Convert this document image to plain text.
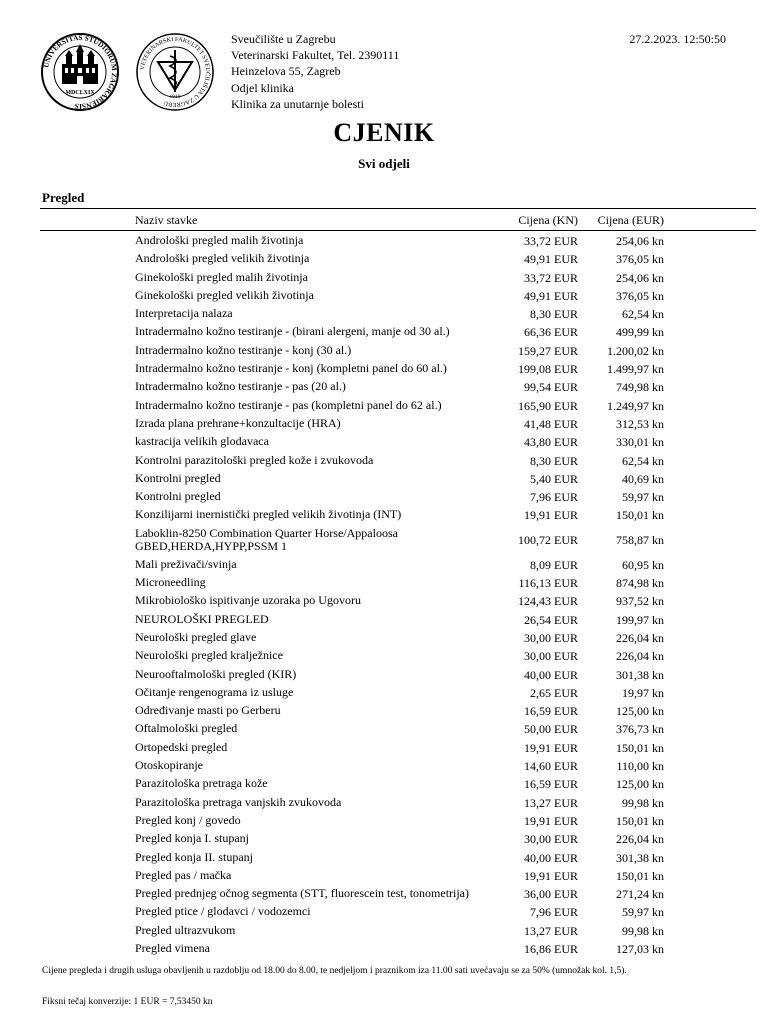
UNIVERSITAS STUDIORUM ZAGRABIENSIS
MDCLXIX
VETERINARSKI FAKULTET SVEUČILIŠTA U ZAGREBU
1919
Sveučilište u Zagrebu
Veterinarski Fakultet, Tel. 2390111
Heinzelova 55, Zagreb
Odjel klinika
Klinika za unutarnje bolesti
27.2.2023. 12:50:50
CJENIK
Svi odjeli
Pregled
Naziv stavke	Cijena (KN) Cijena (EUR)
Androloški pregled malih životinja	33,72 EUR	254,06 kn
Androloški pregled velikih životinja	49,91 EUR	376,05 kn
Ginekološki pregled malih životinja	33,72 EUR	254,06 kn
Ginekološki pregled velikih životinja	49,91 EUR	376,05 kn
Interpretacija nalaza	8,30 EUR	62,54 kn
Intradermalno kožno testiranje - (birani alergeni, manje od 30 al.)	66,36 EUR	499,99 kn
Intradermalno kožno testiranje - konj (30 al.)	159,27 EUR 1.200,02 kn
Intradermalno kožno testiranje - konj (kompletni panel do 60 al.)	199,08 EUR 1.499,97 kn
Intradermalno kožno testiranje - pas (20 al.)	99,54 EUR	749,98 kn
Intradermalno kožno testiranje - pas (kompletni panel do 62 al.)	165,90 EUR 1.249,97 kn
Izrada plana prehrane+konzultacije (HRA)	41,48 EUR	312,53 kn
kastracija velikih glodavaca	43,80 EUR	330,01 kn
Kontrolni parazitološki pregled kože i zvukovoda	8,30 EUR	62,54 kn
Kontrolni pregled	5,40 EUR	40,69 kn
Kontrolni pregled	7,96 EUR	59,97 kn
Konzilijarni inernistički pregled velikih životinja (INT)	19,91 EUR	150,01 kn
Laboklin-8250 Combination Quarter Horse/Appaloosa
GBED,HERDA,HYPP,PSSM 1	100,72 EUR	758,87 kn
Mali preživači/svinja	8,09 EUR	60,95 kn
Microneedling	116,13 EUR	874,98 kn
Mikrobiološko ispitivanje uzoraka po Ugovoru	124,43 EUR	937,52 kn
NEUROLOŠKI PREGLED	26,54 EUR	199,97 kn
Neurološki pregled glave	30,00 EUR	226,04 kn
Neurološki pregled kralježnice	30,00 EUR	226,04 kn
Neurooftalmološki pregled (KIR)	40,00 EUR	301,38 kn
Očitanje rengenograma iz usluge	2,65 EUR	19,97 kn
Određivanje masti po Gerberu	16,59 EUR	125,00 kn
Oftalmološki pregled	50,00 EUR	376,73 kn
Ortopedski pregled	19,91 EUR	150,01 kn
Otoskopiranje	14,60 EUR	110,00 kn
Parazitološka pretraga kože	16,59 EUR	125,00 kn
Parazitološka pretraga vanjskih zvukovoda	13,27 EUR	99,98 kn
Pregled konj / govedo	19,91 EUR	150,01 kn
Pregled konja I. stupanj	30,00 EUR	226,04 kn
Pregled konja II. stupanj	40,00 EUR	301,38 kn
Pregled pas / mačka	19,91 EUR	150,01 kn
Pregled prednjeg očnog segmenta (STT, fluorescein test, tonometrija)	36,00 EUR	271,24 kn
Pregled ptice / glodavci / vodozemci	7,96 EUR	59,97 kn
Pregled ultrazvukom	13,27 EUR	99,98 kn
Pregled vimena	16,86 EUR	127,03 kn
Cijene pregleda i drugih usluga obavljenih u razdoblju od 18.00 do 8.00, te nedjeljom i praznikom iza 11.00 sati uvećavaju se za 50% (umnožak kol. 1,5).
Fiksni tečaj konverzije: 1 EUR = 7,53450 kn
